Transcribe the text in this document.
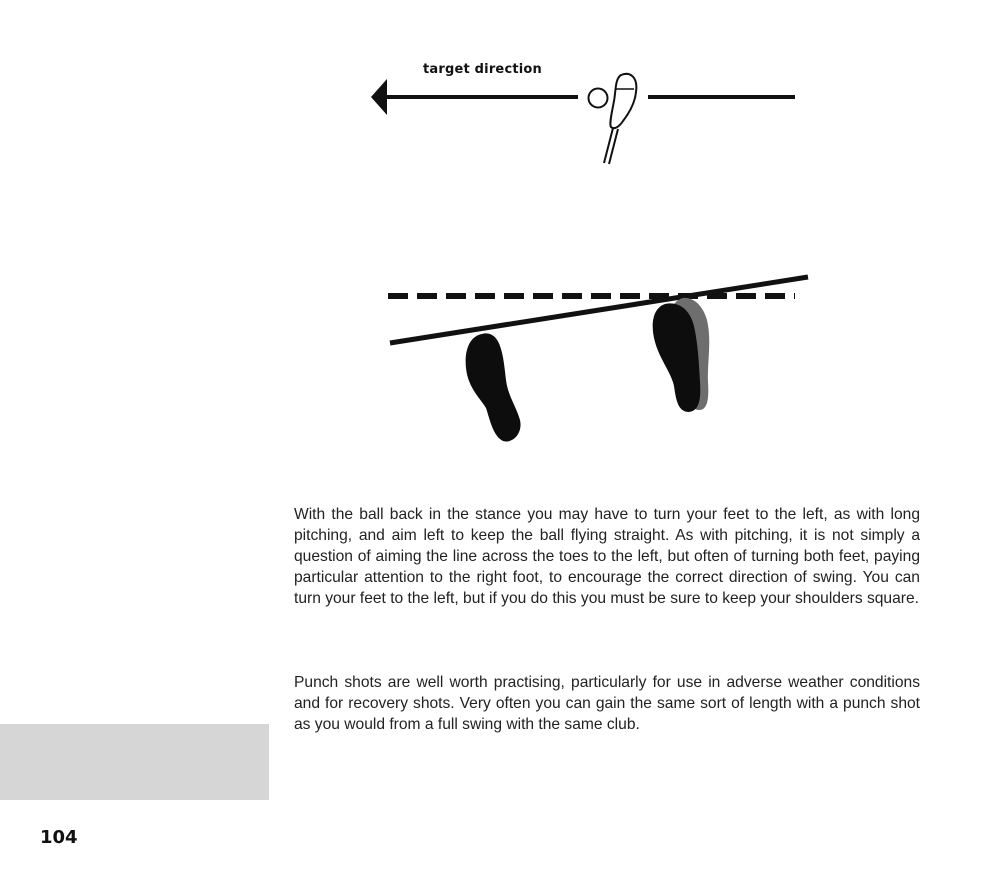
target direction

With the ball back in the stance you may have to turn your feet to the left, as with long pitching, and aim left to keep the ball flying straight. As with pitching, it is not simply a question of aiming the line across the toes to the left, but often of turning both feet, paying particular attention to the right foot, to encourage the correct direction of swing. You can turn your feet to the left, but if you do this you must be sure to keep your shoulders square.

Punch shots are well worth practising, particularly for use in adverse weather conditions and for recovery shots. Very often you can gain the same sort of length with a punch shot as you would from a full swing with the same club.

104
